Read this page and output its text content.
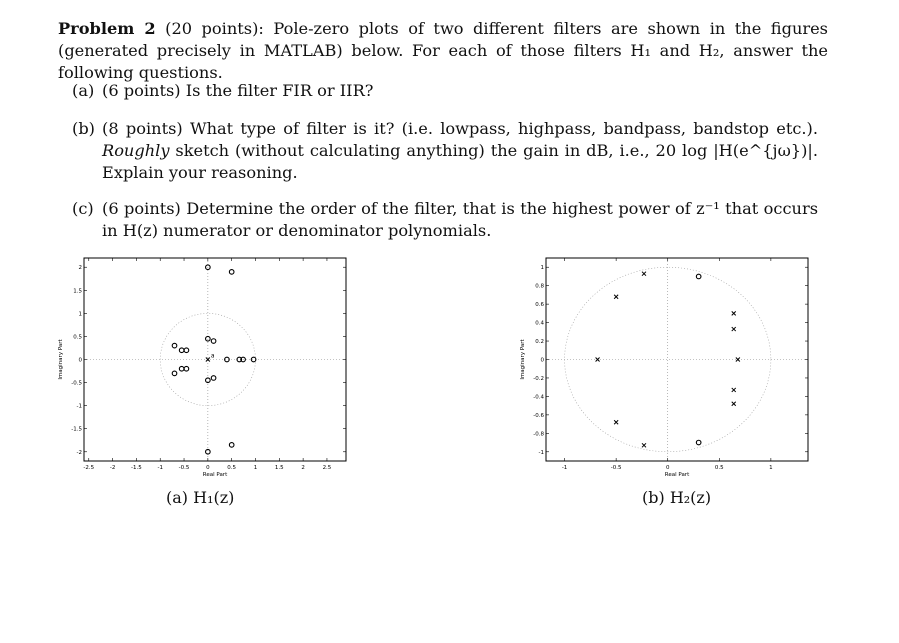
Problem 2 (20 points): Pole-zero plots of two different filters are shown in the figures (generated precisely in MATLAB) below. For each of those filters H₁ and H₂, answer the following questions.
(a) (6 points) Is the filter FIR or IIR?
(b) (8 points) What type of filter is it? (i.e. lowpass, highpass, bandpass, bandstop etc.). Roughly sketch (without calculating anything) the gain in dB, i.e., 20 log |H(e^{jω})|. Explain your reasoning.
(c) (6 points) Determine the order of the filter, that is the highest power of z⁻¹ that occurs in H(z) numerator or denominator polynomials.
-2.5	-2	-1.5	-1	-0.5	0	0.5	1	1.5	2	2.5
2
1.5
1
0.5
0
-0.5
-1
-1.5
-2
Real Part
Imaginary Part	a
(a) H₁(z)
-1	-0.5	0	0.5	1
1
0.8
0.6
0.4
0.2
0
-0.2
-0.4
-0.6
-0.8
-1
Real Part
Imaginary Part
(b) H₂(z)
